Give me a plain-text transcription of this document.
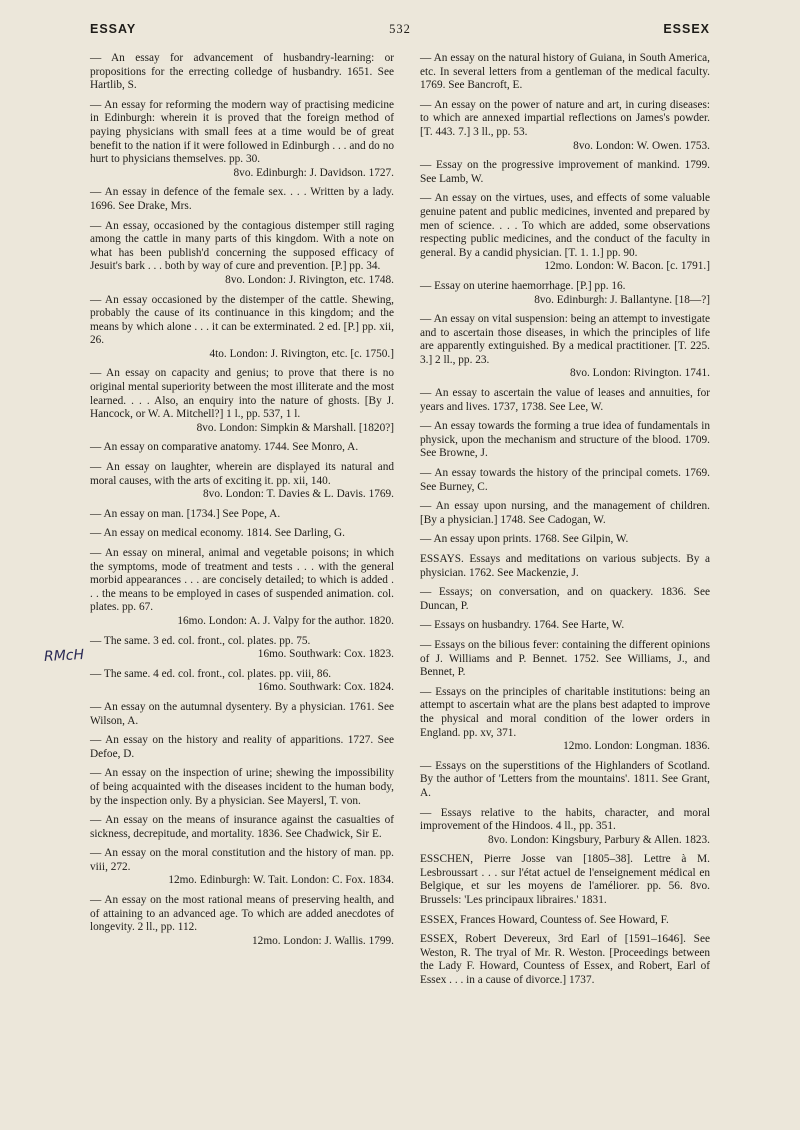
ESSAY	532	ESSEX
RMcH
— An essay for advancement of husbandry-learning: or propositions for the errecting colledge of husbandry. 1651. See Hartlib, S.
— An essay for reforming the modern way of practising medicine in Edinburgh: wherein it is proved that the foreign method of paying physicians with small fees at a time would be of great benefit to the nation if it were followed in Edinburgh . . . and do no hurt to physicians themselves. pp. 30.
8vo. Edinburgh: J. Davidson. 1727.
— An essay in defence of the female sex. . . . Written by a lady. 1696. See Drake, Mrs.
— An essay, occasioned by the contagious distemper still raging among the cattle in many parts of this kingdom. With a note on what has been publish'd concerning the supposed efficacy of Jesuit's bark . . . both by way of cure and prevention. [P.] pp. 34.
8vo. London: J. Rivington, etc. 1748.
— An essay occasioned by the distemper of the cattle. Shewing, probably the cause of its continuance in this kingdom; and the means by which alone . . . it can be exterminated. 2 ed. [P.] pp. xii, 26.
4to. London: J. Rivington, etc. [c. 1750.]
— An essay on capacity and genius; to prove that there is no original mental superiority between the most illiterate and the most learned. . . . Also, an enquiry into the nature of ghosts. [By J. Hancock, or W. A. Mitchell?] 1 l., pp. 537, 1 l.
8vo. London: Simpkin & Marshall. [1820?]
— An essay on comparative anatomy. 1744. See Monro, A.
— An essay on laughter, wherein are displayed its natural and moral causes, with the arts of exciting it. pp. xii, 140.
8vo. London: T. Davies & L. Davis. 1769.
— An essay on man. [1734.] See Pope, A.
— An essay on medical economy. 1814. See Darling, G.
— An essay on mineral, animal and vegetable poisons; in which the symptoms, mode of treatment and tests . . . with the general morbid appearances . . . are concisely detailed; to which is added . . . the means to be employed in cases of suspended animation. col. plates. pp. 67.
16mo. London: A. J. Valpy for the author. 1820.
— The same. 3 ed. col. front., col. plates. pp. 75.
16mo. Southwark: Cox. 1823.
— The same. 4 ed. col. front., col. plates. pp. viii, 86.
16mo. Southwark: Cox. 1824.
— An essay on the autumnal dysentery. By a physician. 1761. See Wilson, A.
— An essay on the history and reality of apparitions. 1727. See Defoe, D.
— An essay on the inspection of urine; shewing the impossibility of being acquainted with the diseases incident to the human body, by the inspection only. By a physician. See Mayersl, T. von.
— An essay on the means of insurance against the casualties of sickness, decrepitude, and mortality. 1836. See Chadwick, Sir E.
— An essay on the moral constitution and the history of man. pp. viii, 272.
12mo. Edinburgh: W. Tait. London: C. Fox. 1834.
— An essay on the most rational means of preserving health, and of attaining to an advanced age. To which are added anecdotes of longevity. 2 ll., pp. 112.
12mo. London: J. Wallis. 1799.
— An essay on the natural history of Guiana, in South America, etc. In several letters from a gentleman of the medical faculty. 1769. See Bancroft, E.
— An essay on the power of nature and art, in curing diseases: to which are annexed impartial reflections on James's powder. [T. 443. 7.] 3 ll., pp. 53.
8vo. London: W. Owen. 1753.
— Essay on the progressive improvement of mankind. 1799. See Lamb, W.
— An essay on the virtues, uses, and effects of some valuable genuine patent and public medicines, invented and prepared by men of science. . . . To which are added, some observations respecting public medicines, and the conduct of the faculty in general. By a candid physician. [T. 1. 1.] pp. 90.
12mo. London: W. Bacon. [c. 1791.]
— Essay on uterine haemorrhage. [P.] pp. 16.
8vo. Edinburgh: J. Ballantyne. [18—?]
— An essay on vital suspension: being an attempt to investigate and to ascertain those diseases, in which the principles of life are apparently extinguished. By a medical practitioner. [T. 225. 3.] 2 ll., pp. 23.
8vo. London: Rivington. 1741.
— An essay to ascertain the value of leases and annuities, for years and lives. 1737, 1738. See Lee, W.
— An essay towards the forming a true idea of fundamentals in physick, upon the mechanism and structure of the blood. 1709. See Browne, J.
— An essay towards the history of the principal comets. 1769. See Burney, C.
— An essay upon nursing, and the management of children. [By a physician.] 1748. See Cadogan, W.
— An essay upon prints. 1768. See Gilpin, W.
ESSAYS. Essays and meditations on various subjects. By a physician. 1762. See Mackenzie, J.
— Essays; on conversation, and on quackery. 1836. See Duncan, P.
— Essays on husbandry. 1764. See Harte, W.
— Essays on the bilious fever: containing the different opinions of J. Williams and P. Bennet. 1752. See Williams, J., and Bennet, P.
— Essays on the principles of charitable institutions: being an attempt to ascertain what are the plans best adapted to improve the physical and moral condition of the lower orders in England. pp. xv, 371.
12mo. London: Longman. 1836.
— Essays on the superstitions of the Highlanders of Scotland. By the author of 'Letters from the mountains'. 1811. See Grant, A.
— Essays relative to the habits, character, and moral improvement of the Hindoos. 4 ll., pp. 351.
8vo. London: Kingsbury, Parbury & Allen. 1823.
ESSCHEN, Pierre Josse van [1805–38]. Lettre à M. Lesbroussart . . . sur l'état actuel de l'enseignement médical en Belgique, et sur les moyens de l'améliorer. pp. 56. 8vo. Brussels: 'Les principaux libraires.' 1831.
ESSEX, Frances Howard, Countess of. See Howard, F.
ESSEX, Robert Devereux, 3rd Earl of [1591–1646]. See Weston, R. The tryal of Mr. R. Weston. [Proceedings between the Lady F. Howard, Countess of Essex, and Robert, Earl of Essex . . . in a cause of divorce.] 1737.
